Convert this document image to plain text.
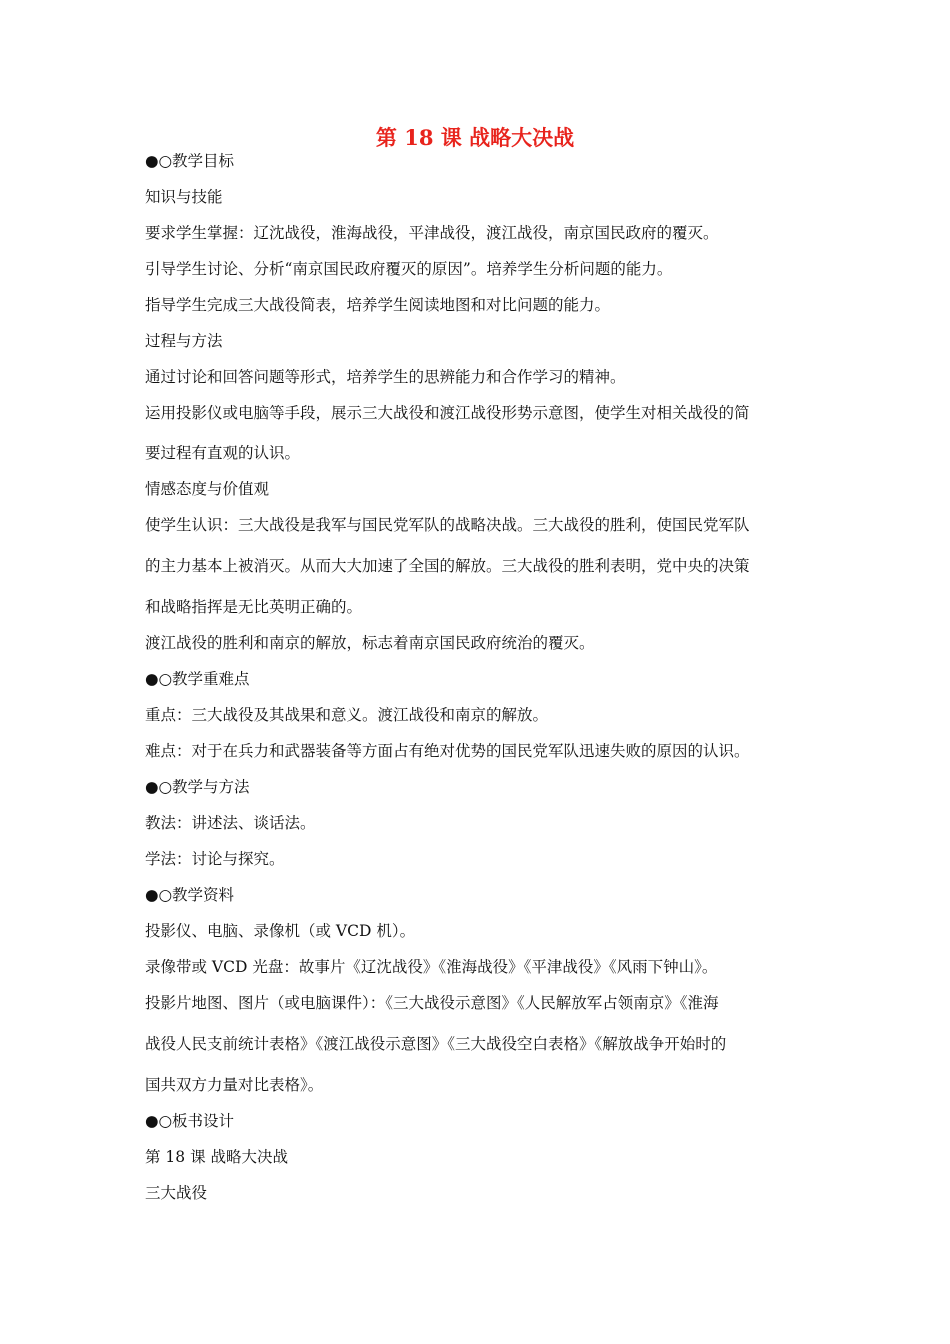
第 18 课 战略大决战
●○教学目标
知识与技能
要求学生掌握：辽沈战役，淮海战役，平津战役，渡江战役，南京国民政府的覆灭。
引导学生讨论、分析“南京国民政府覆灭的原因”。培养学生分析问题的能力。
指导学生完成三大战役简表，培养学生阅读地图和对比问题的能力。
过程与方法
通过讨论和回答问题等形式，培养学生的思辨能力和合作学习的精神。
运用投影仪或电脑等手段，展示三大战役和渡江战役形势示意图，使学生对相关战役的简
要过程有直观的认识。
情感态度与价值观
使学生认识：三大战役是我军与国民党军队的战略决战。三大战役的胜利，使国民党军队
的主力基本上被消灭。从而大大加速了全国的解放。三大战役的胜利表明，党中央的决策
和战略指挥是无比英明正确的。
渡江战役的胜利和南京的解放，标志着南京国民政府统治的覆灭。
●○教学重难点
重点：三大战役及其战果和意义。渡江战役和南京的解放。
难点：对于在兵力和武器装备等方面占有绝对优势的国民党军队迅速失败的原因的认识。
●○教学与方法
教法：讲述法、谈话法。
学法：讨论与探究。
●○教学资料
投影仪、电脑、录像机（或 VCD 机）。
录像带或 VCD 光盘：故事片《辽沈战役》《淮海战役》《平津战役》《风雨下钟山》。
投影片地图、图片（或电脑课件）：《三大战役示意图》《人民解放军占领南京》《淮海
战役人民支前统计表格》《渡江战役示意图》《三大战役空白表格》《解放战争开始时的
国共双方力量对比表格》。
●○板书设计
第 18 课 战略大决战
三大战役
